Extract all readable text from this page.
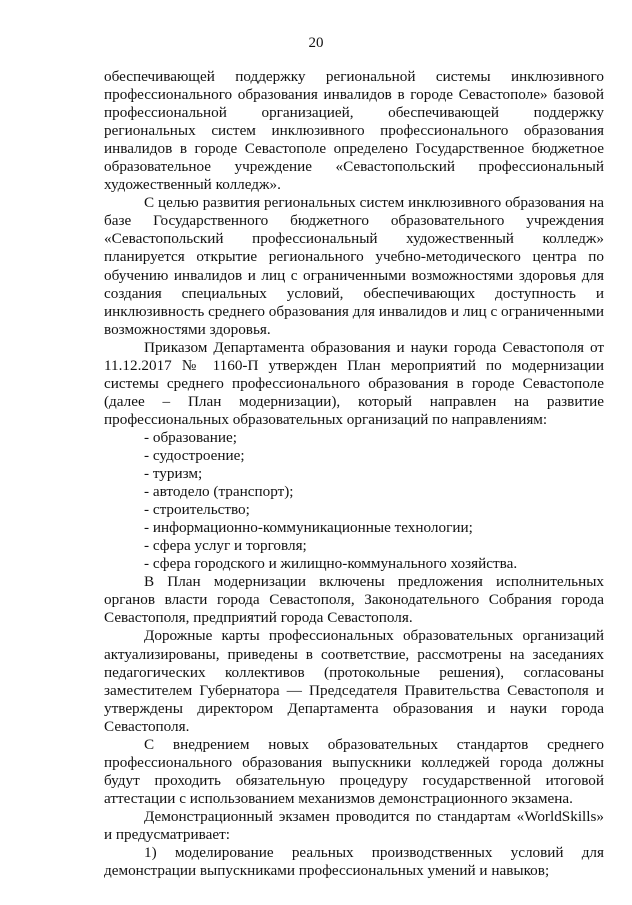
20

обеспечивающей поддержку региональной системы инклюзивного профессионального образования инвалидов в городе Севастополе» базовой профессиональной организацией, обеспечивающей поддержку региональных систем инклюзивного профессионального образования инвалидов в городе Севастополе определено Государственное бюджетное образовательное учреждение «Севастопольский профессиональный художественный колледж».

С целью развития региональных систем инклюзивного образования на базе Государственного бюджетного образовательного учреждения «Севастопольский профессиональный художественный колледж» планируется открытие регионального учебно-методического центра по обучению инвалидов и лиц с ограниченными возможностями здоровья для создания специальных условий, обеспечивающих доступность и инклюзивность среднего образования для инвалидов и лиц с ограниченными возможностями здоровья.

Приказом Департамента образования и науки города Севастополя от 11.12.2017 № 1160-П утвержден План мероприятий по модернизации системы среднего профессионального образования в городе Севастополе (далее – План модернизации), который направлен на развитие профессиональных образовательных организаций по направлениям:

- образование;
- судостроение;
- туризм;
- автодело (транспорт);
- строительство;
- информационно-коммуникационные технологии;
- сфера услуг и торговля;
- сфера городского и жилищно-коммунального хозяйства.

В План модернизации включены предложения исполнительных органов власти города Севастополя, Законодательного Собрания города Севастополя, предприятий города Севастополя.

Дорожные карты профессиональных образовательных организаций актуализированы, приведены в соответствие, рассмотрены на заседаниях педагогических коллективов (протокольные решения), согласованы заместителем Губернатора — Председателя Правительства Севастополя и утверждены директором Департамента образования и науки города Севастополя.

С внедрением новых образовательных стандартов среднего профессионального образования выпускники колледжей города должны будут проходить обязательную процедуру государственной итоговой аттестации с использованием механизмов демонстрационного экзамена.

Демонстрационный экзамен проводится по стандартам «WorldSkills» и предусматривает:

1) моделирование реальных производственных условий для демонстрации выпускниками профессиональных умений и навыков;
